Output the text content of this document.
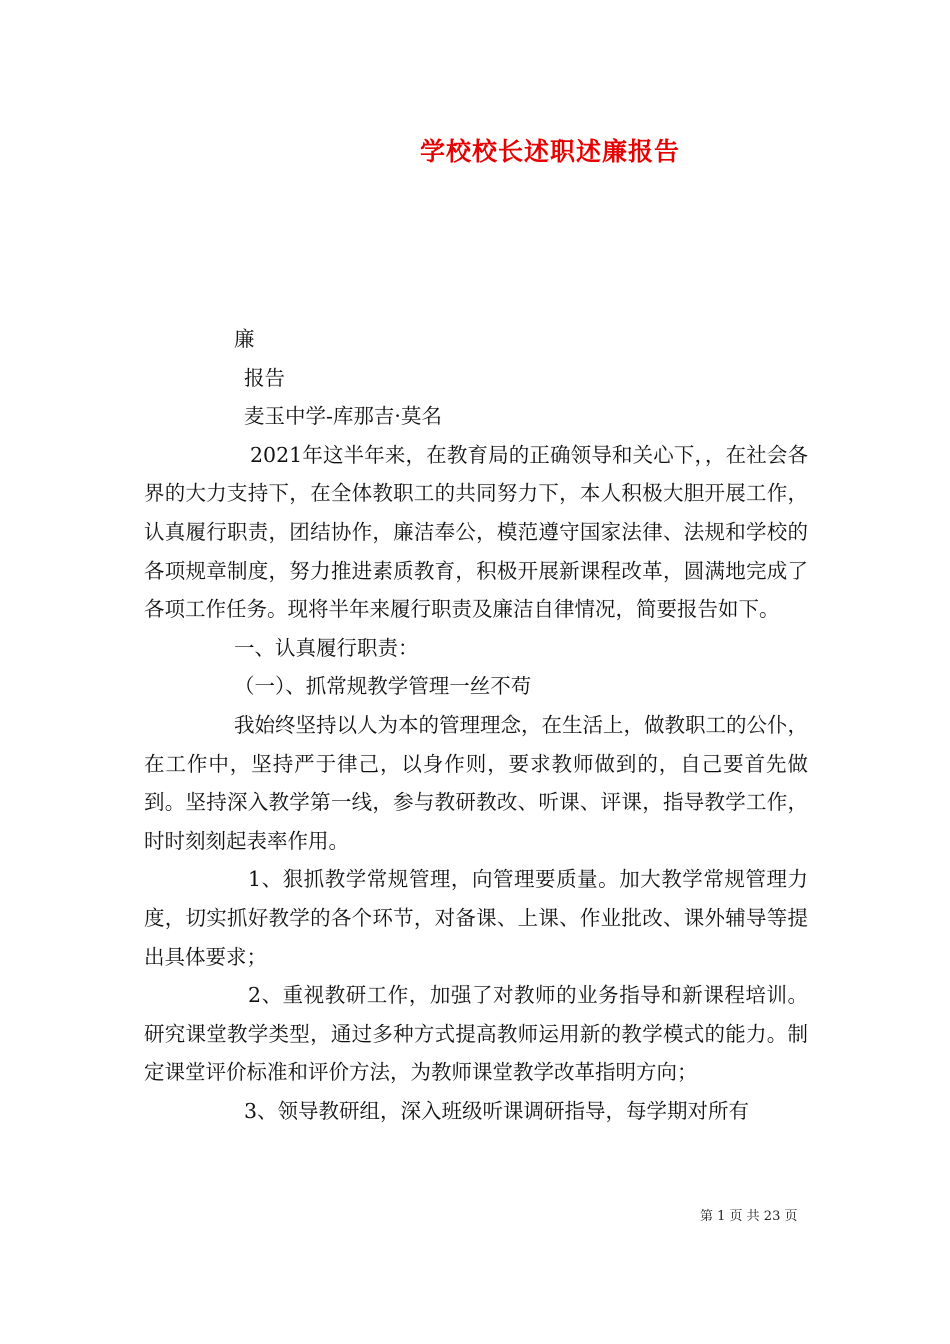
学校校长述职述廉报告

廉

报告

麦玉中学-库那吉·莫名

2021年这半年来，在教育局的正确领导和关心下，，在社会各界的大力支持下，在全体教职工的共同努力下，本人积极大胆开展工作，认真履行职责，团结协作，廉洁奉公，模范遵守国家法律、法规和学校的各项规章制度，努力推进素质教育，积极开展新课程改革，圆满地完成了各项工作任务。现将半年来履行职责及廉洁自律情况，简要报告如下。

一、认真履行职责：

（一）、抓常规教学管理一丝不苟

我始终坚持以人为本的管理理念，在生活上，做教职工的公仆，在工作中，坚持严于律己，以身作则，要求教师做到的，自己要首先做到。坚持深入教学第一线，参与教研教改、听课、评课，指导教学工作，时时刻刻起表率作用。

1、狠抓教学常规管理，向管理要质量。加大教学常规管理力度，切实抓好教学的各个环节，对备课、上课、作业批改、课外辅导等提出具体要求；

2、重视教研工作，加强了对教师的业务指导和新课程培训。研究课堂教学类型，通过多种方式提高教师运用新的教学模式的能力。制定课堂评价标准和评价方法，为教师课堂教学改革指明方向；

3、领导教研组，深入班级听课调研指导，每学期对所有

第 1 页 共 23 页
